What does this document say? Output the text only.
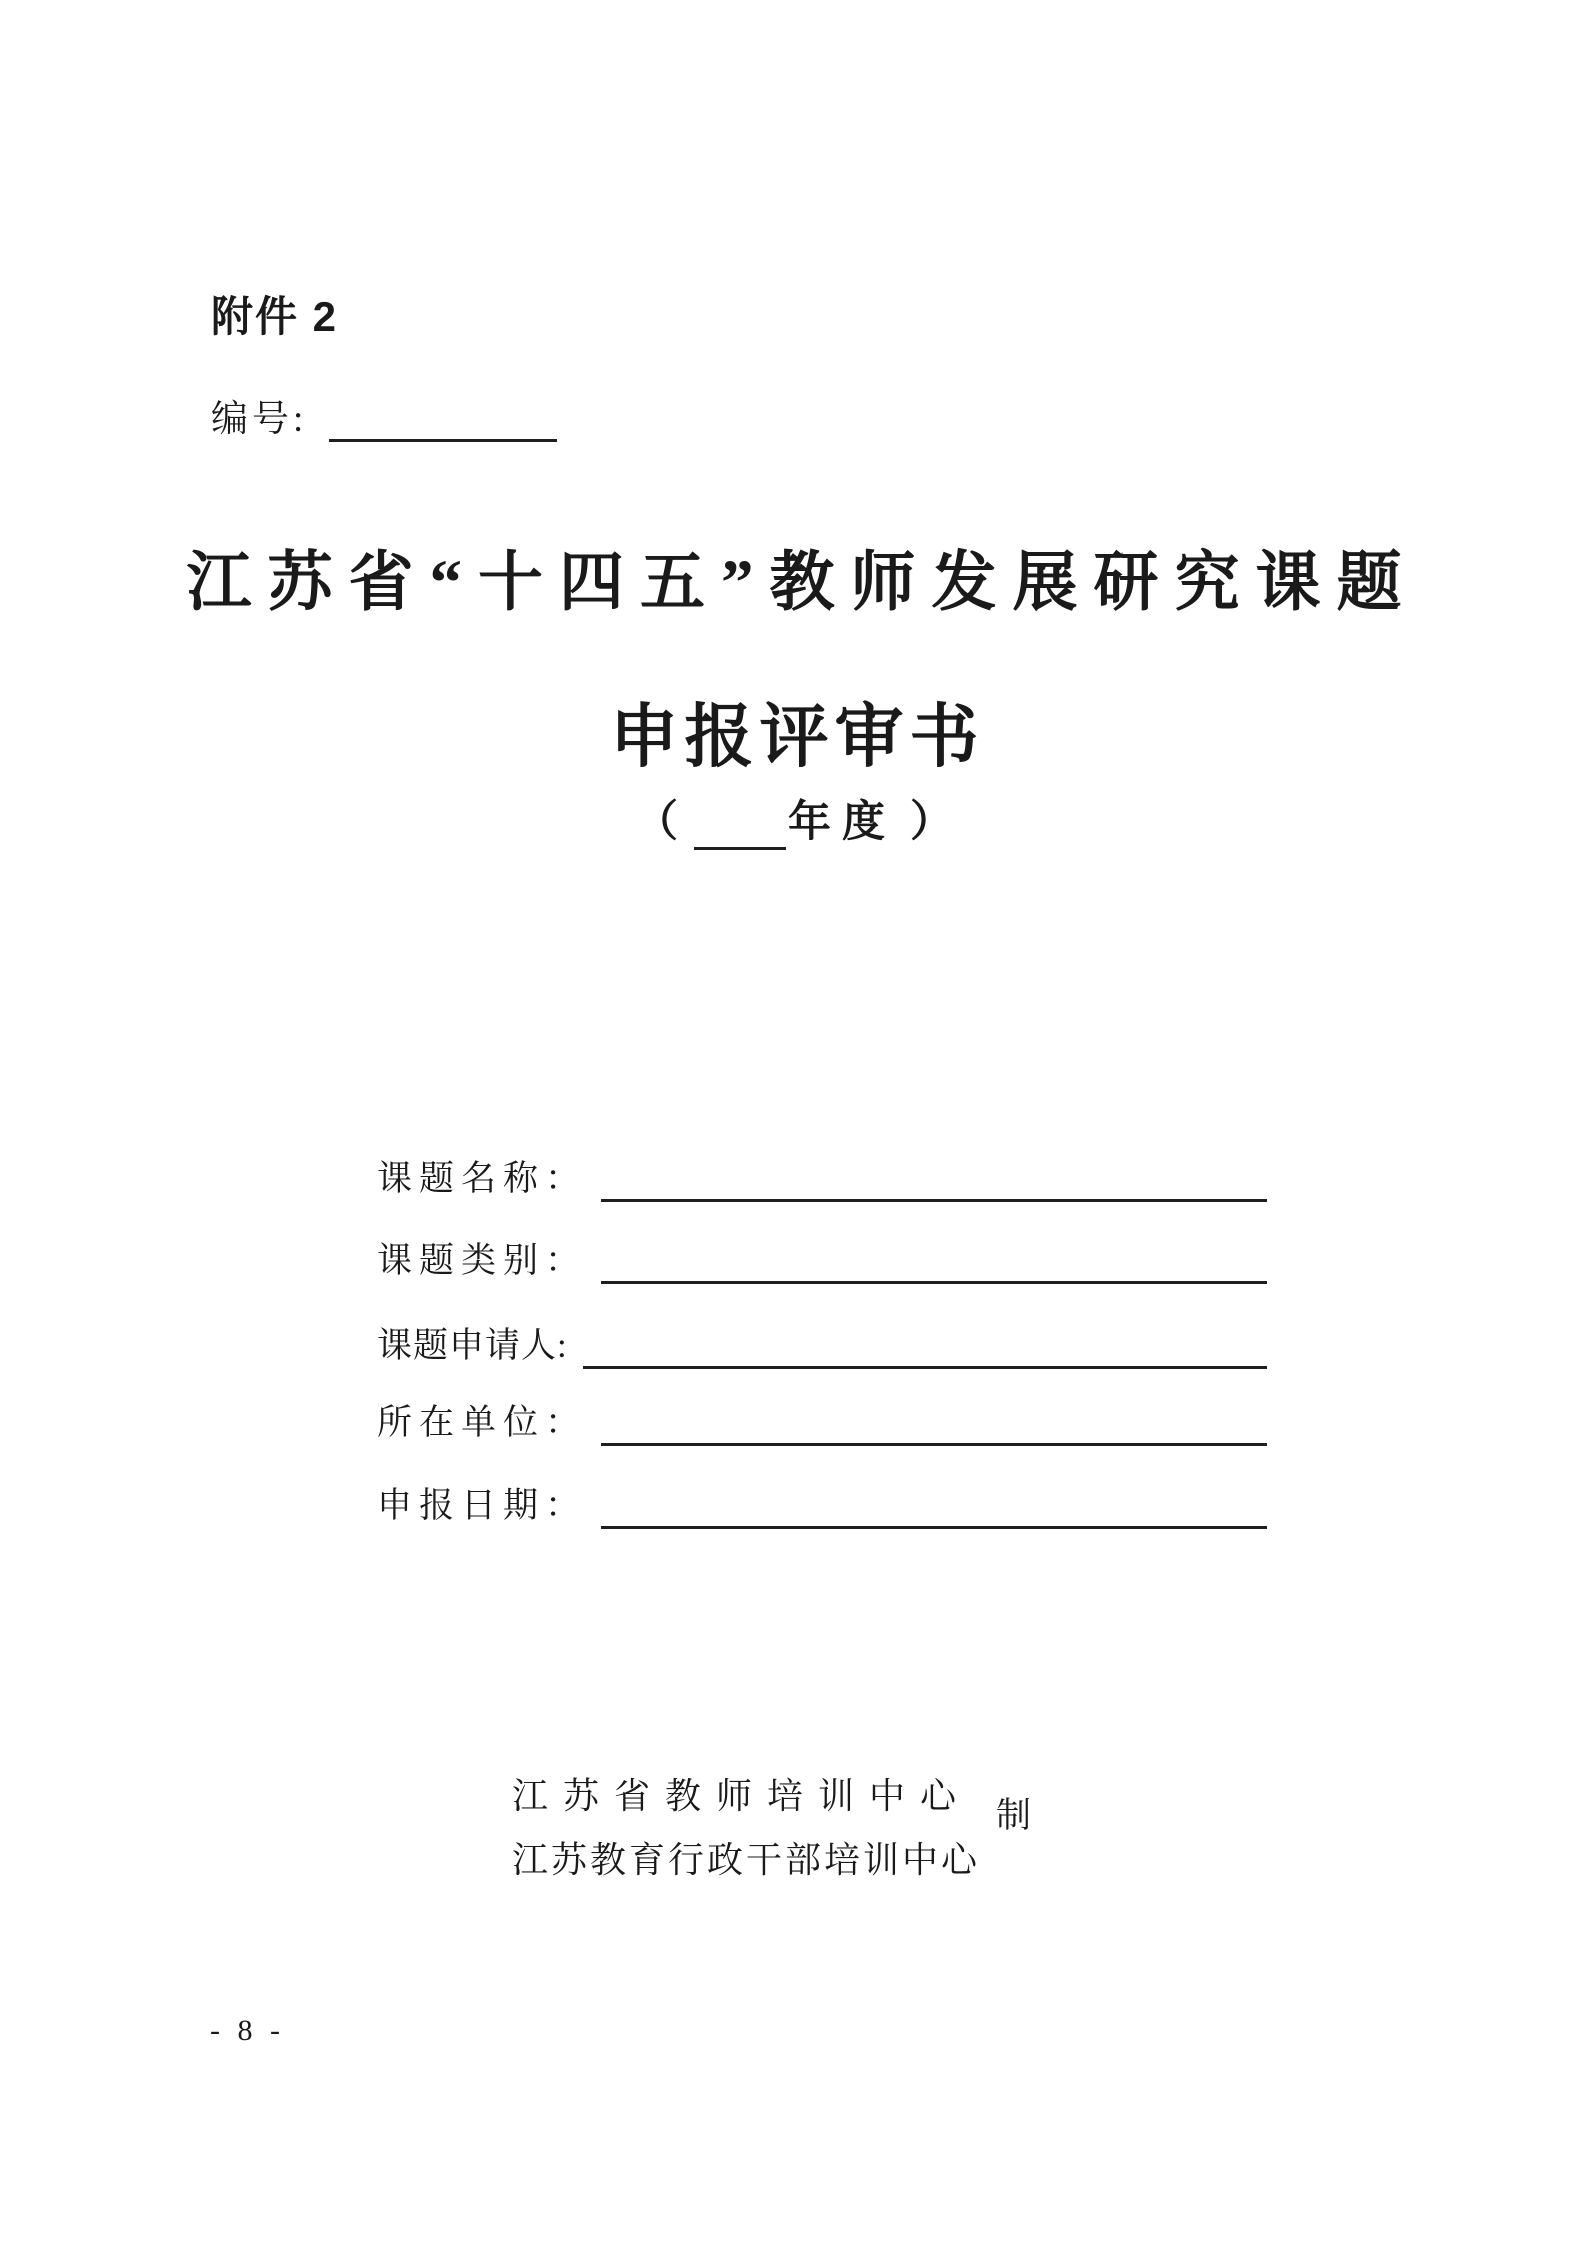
附件 2
编号:
江苏省“十四五”教师发展研究课题
申报评审书
（	年度 ）
课题名称：
课题类别：
课题申请人:
所在单位：
申报日期：
江苏省教师培训中心
江苏教育行政干部培训中心
制
- 8 -
